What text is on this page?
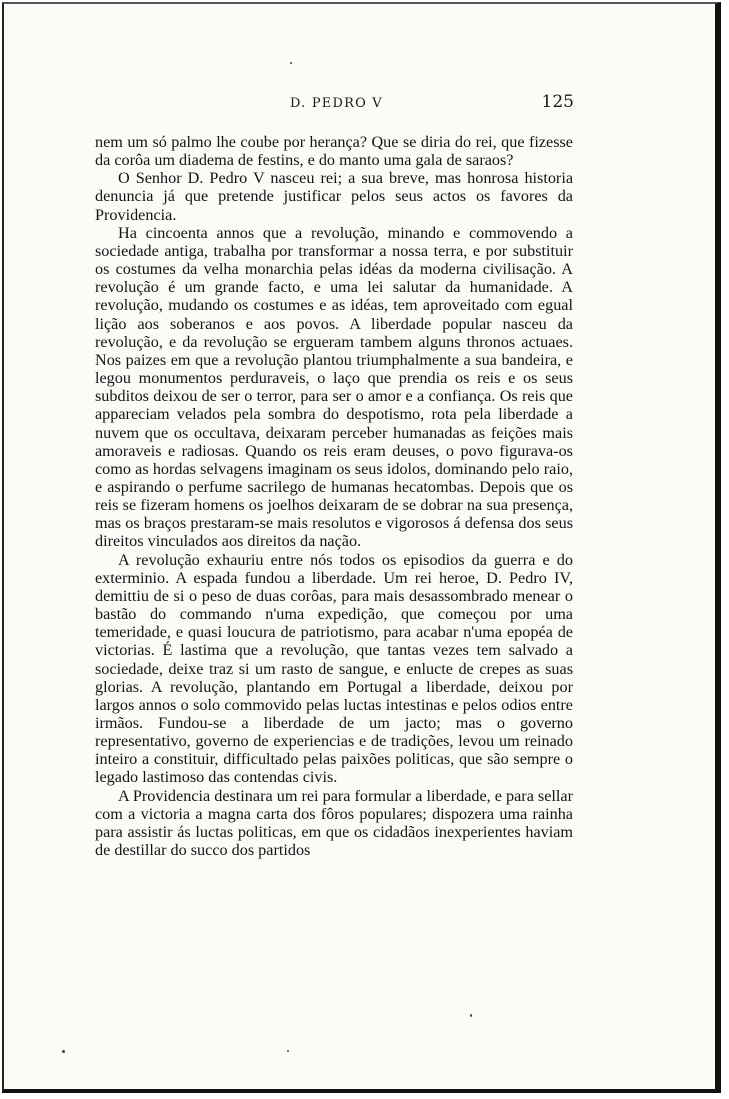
D. PEDRO V	125

nem um só palmo lhe coube por herança? Que se diria do rei, que fizesse da corôa um diadema de festins, e do manto uma gala de saraos?

O Senhor D. Pedro V nasceu rei; a sua breve, mas honrosa historia denuncia já que pretende justificar pelos seus actos os favores da Providencia.

Ha cincoenta annos que a revolução, minando e commovendo a sociedade antiga, trabalha por transformar a nossa terra, e por substituir os costumes da velha monarchia pelas idéas da moderna civilisação. A revolução é um grande facto, e uma lei salutar da humanidade. A revolução, mudando os costumes e as idéas, tem aproveitado com egual lição aos soberanos e aos povos. A liberdade popular nasceu da revolução, e da revolução se ergueram tambem alguns thronos actuaes. Nos paizes em que a revolução plantou triumphalmente a sua bandeira, e legou monumentos perduraveis, o laço que prendia os reis e os seus subditos deixou de ser o terror, para ser o amor e a confiança. Os reis que appareciam velados pela sombra do despotismo, rota pela liberdade a nuvem que os occultava, deixaram perceber humanadas as feições mais amoraveis e radiosas. Quando os reis eram deuses, o povo figurava-os como as hordas selvagens imaginam os seus idolos, dominando pelo raio, e aspirando o perfume sacrilego de humanas hecatombas. Depois que os reis se fizeram homens os joelhos deixaram de se dobrar na sua presença, mas os braços prestaram-se mais resolutos e vigorosos á defensa dos seus direitos vinculados aos direitos da nação.

A revolução exhauriu entre nós todos os episodios da guerra e do exterminio. A espada fundou a liberdade. Um rei heroe, D. Pedro IV, demittiu de si o peso de duas corôas, para mais desassombrado menear o bastão do commando n'uma expedição, que começou por uma temeridade, e quasi loucura de patriotismo, para acabar n'uma epopéa de victorias. É lastima que a revolução, que tantas vezes tem salvado a sociedade, deixe traz si um rasto de sangue, e enlucte de crepes as suas glorias. A revolução, plantando em Portugal a liberdade, deixou por largos annos o solo commovido pelas luctas intestinas e pelos odios entre irmãos. Fundou-se a liberdade de um jacto; mas o governo representativo, governo de experiencias e de tradições, levou um reinado inteiro a constituir, difficultado pelas paixões politicas, que são sempre o legado lastimoso das contendas civis.

A Providencia destinara um rei para formular a liberdade, e para sellar com a victoria a magna carta dos fôros populares; dispozera uma rainha para assistir ás luctas politicas, em que os cidadãos inexperientes haviam de destillar do succo dos partidos
